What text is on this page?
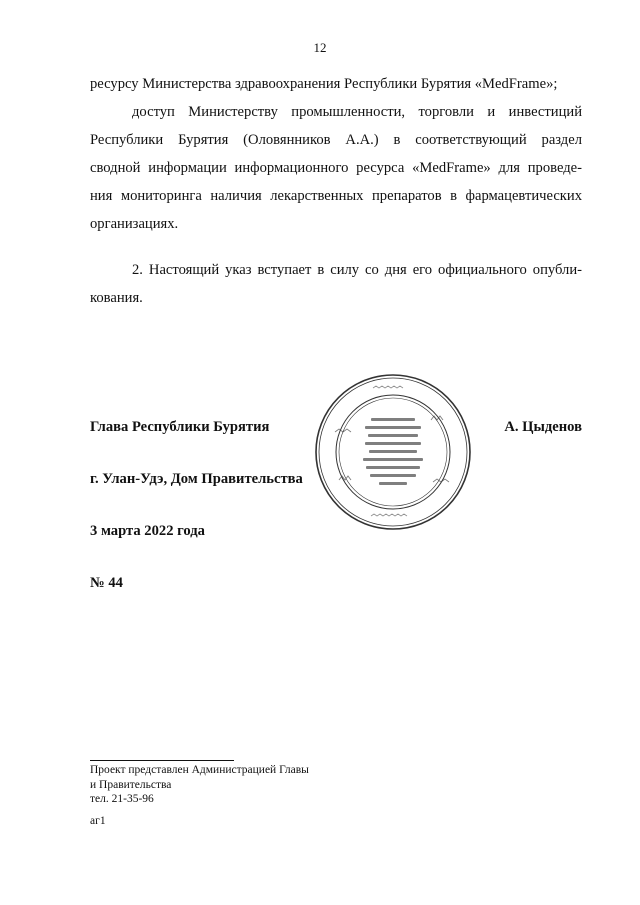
12
ресурсу Министерства здравоохранения Республики Бурятия «MedFrame»;
доступ Министерству промышленности, торговли и инвестиций
Республики Бурятия (Оловянников А.А.) в соответствующий раздел
сводной информации информационного ресурса «MedFrame» для проведе-
ния мониторинга наличия лекарственных препаратов в фармацевтических
организациях.
2. Настоящий указ вступает в силу со дня его официального опубли-
кования.
Глава Республики Бурятия	А. Цыденов
г. Улан-Удэ, Дом Правительства
3 марта 2022 года
№ 44
Проект представлен Администрацией Главы
и Правительства
тел. 21-35-96
аг1
